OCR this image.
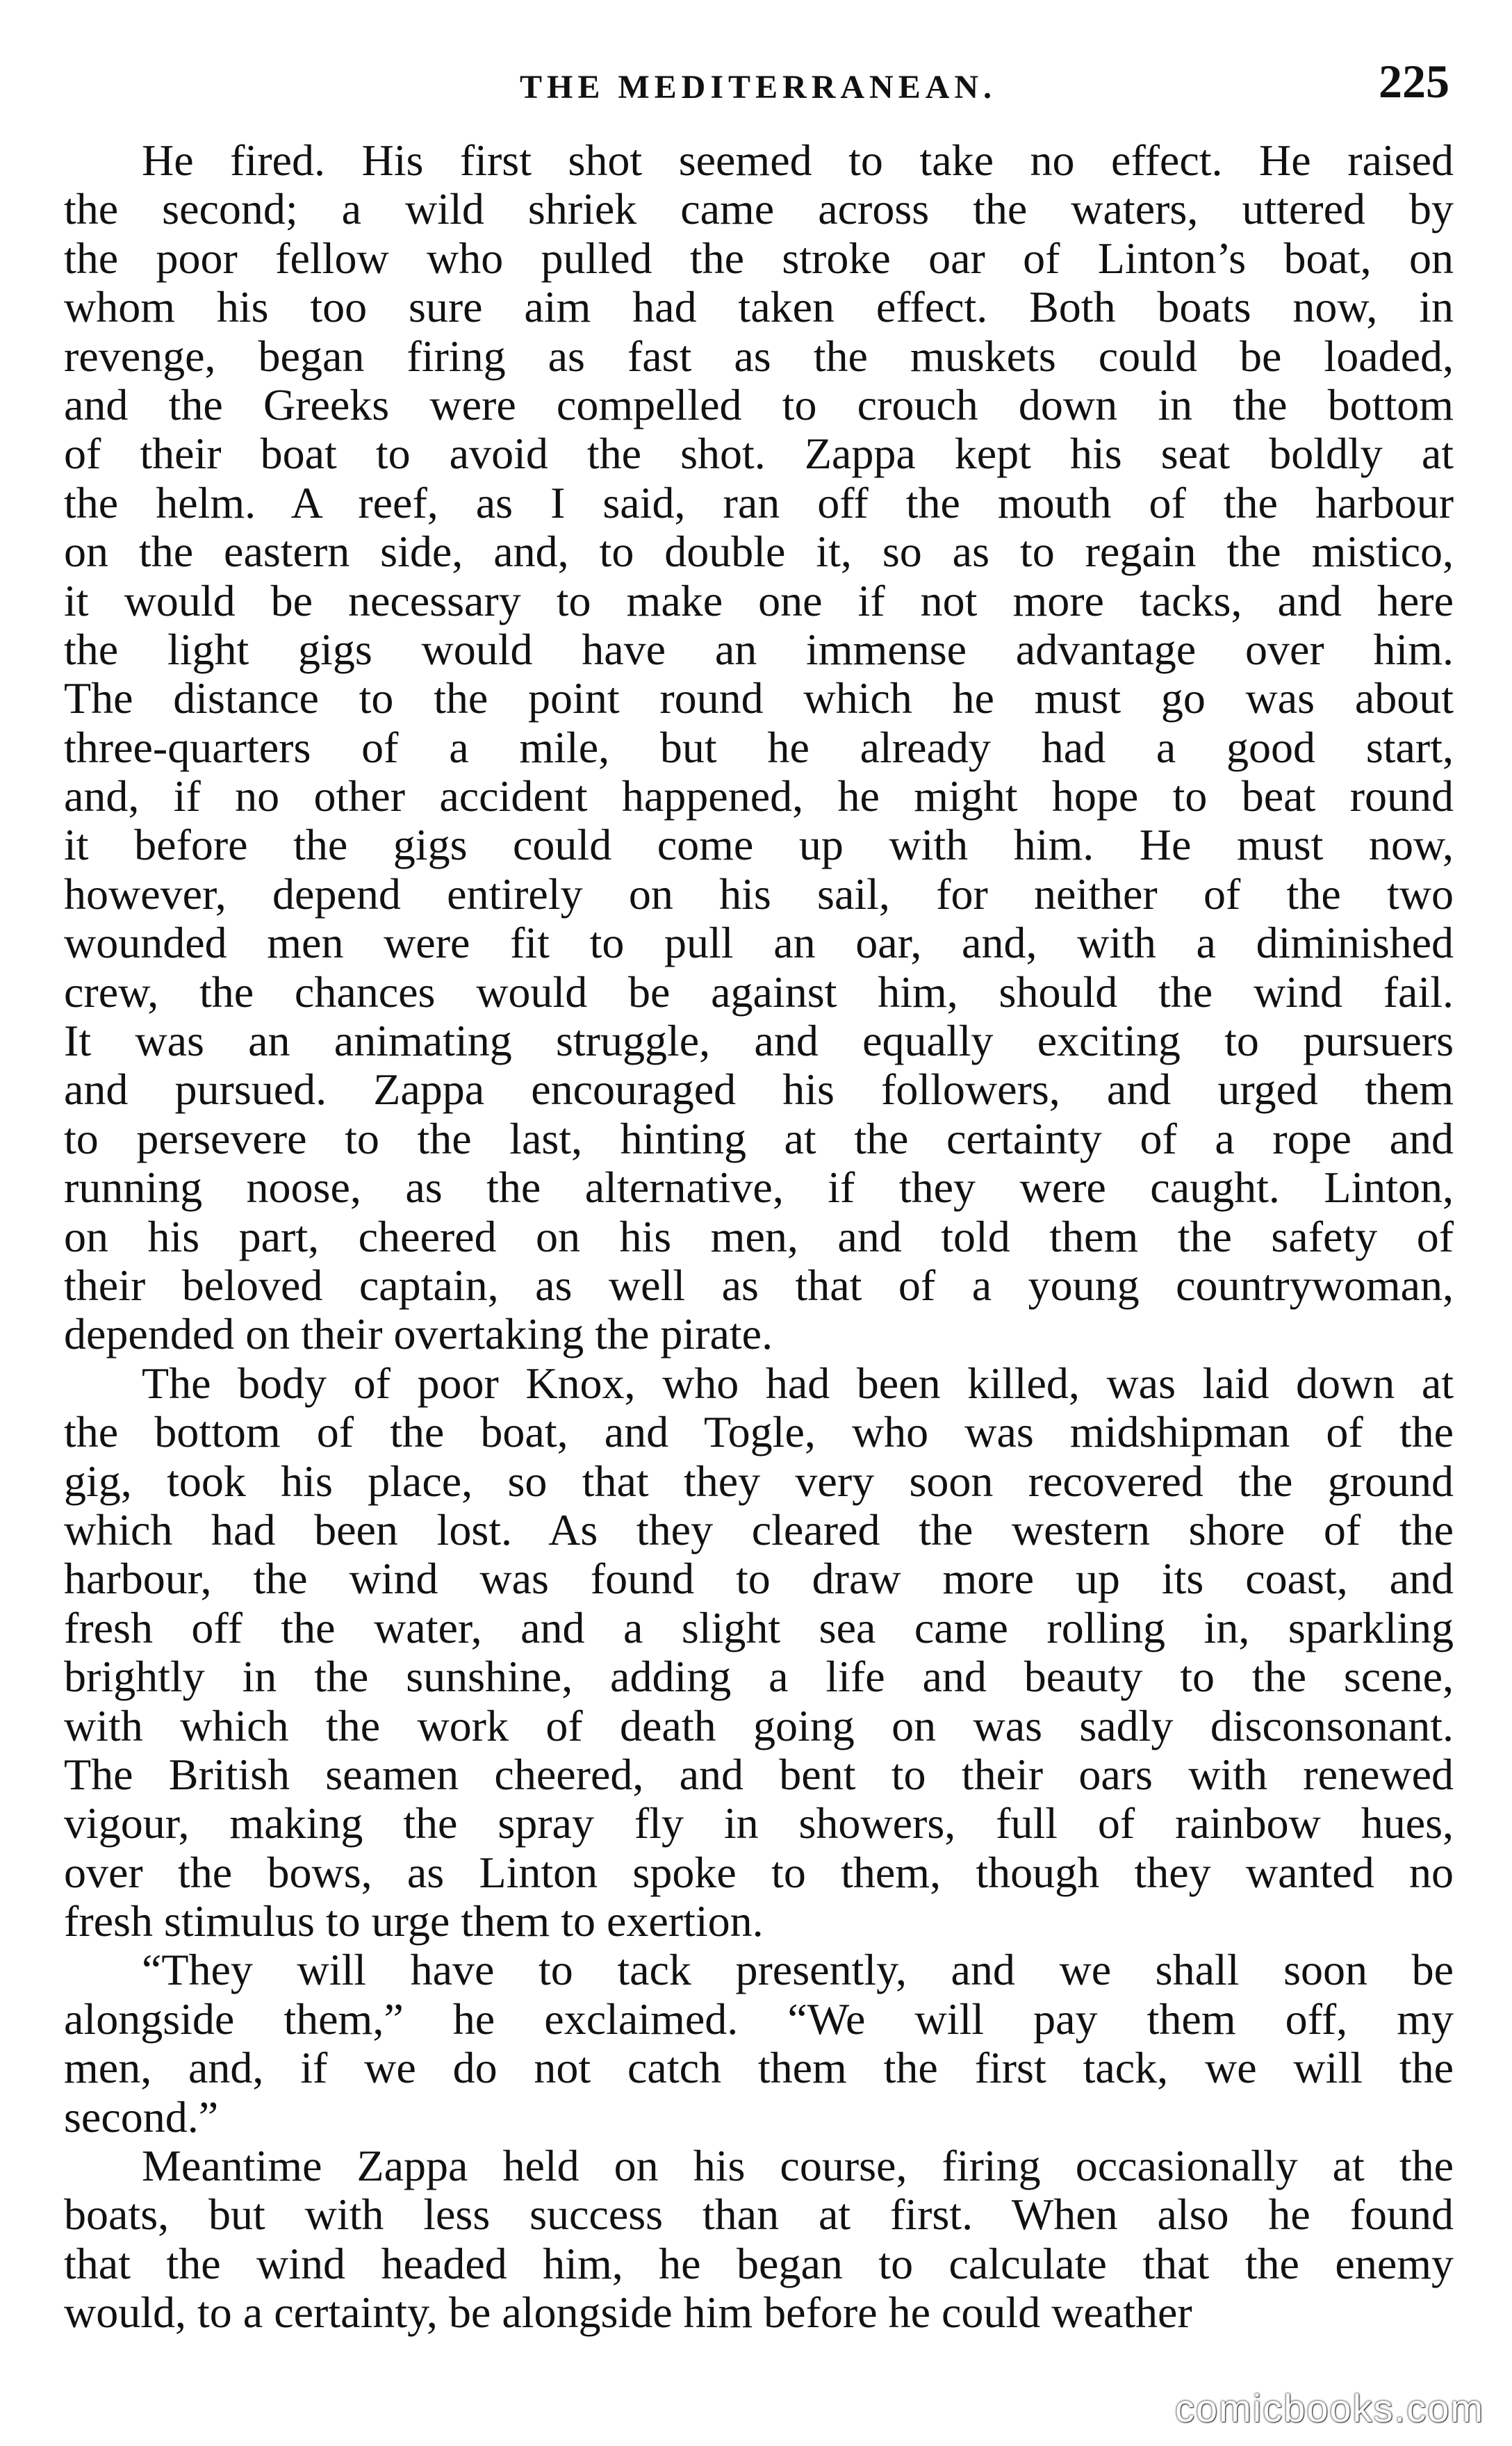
THE MEDITERRANEAN.	225
He fired. His first shot seemed to take no effect. He raised
the second; a wild shriek came across the waters, uttered by
the poor fellow who pulled the stroke oar of Linton’s boat, on
whom his too sure aim had taken effect. Both boats now, in
revenge, began firing as fast as the muskets could be loaded,
and the Greeks were compelled to crouch down in the bottom
of their boat to avoid the shot. Zappa kept his seat boldly at
the helm. A reef, as I said, ran off the mouth of the harbour
on the eastern side, and, to double it, so as to regain the mistico,
it would be necessary to make one if not more tacks, and here
the light gigs would have an immense advantage over him.
The distance to the point round which he must go was about
three-quarters of a mile, but he already had a good start,
and, if no other accident happened, he might hope to beat round
it before the gigs could come up with him. He must now,
however, depend entirely on his sail, for neither of the two
wounded men were fit to pull an oar, and, with a diminished
crew, the chances would be against him, should the wind fail.
It was an animating struggle, and equally exciting to pursuers
and pursued. Zappa encouraged his followers, and urged them
to persevere to the last, hinting at the certainty of a rope and
running noose, as the alternative, if they were caught. Linton,
on his part, cheered on his men, and told them the safety of
their beloved captain, as well as that of a young countrywoman,
depended on their overtaking the pirate.
The body of poor Knox, who had been killed, was laid down at
the bottom of the boat, and Togle, who was midshipman of the
gig, took his place, so that they very soon recovered the ground
which had been lost. As they cleared the western shore of the
harbour, the wind was found to draw more up its coast, and
fresh off the water, and a slight sea came rolling in, sparkling
brightly in the sunshine, adding a life and beauty to the scene,
with which the work of death going on was sadly disconsonant.
The British seamen cheered, and bent to their oars with renewed
vigour, making the spray fly in showers, full of rainbow hues,
over the bows, as Linton spoke to them, though they wanted no
fresh stimulus to urge them to exertion.
“They will have to tack presently, and we shall soon be
alongside them,” he exclaimed. “We will pay them off, my
men, and, if we do not catch them the first tack, we will the
second.”
Meantime Zappa held on his course, firing occasionally at the
boats, but with less success than at first. When also he found
that the wind headed him, he began to calculate that the enemy
would, to a certainty, be alongside him before he could weather
comicbooks.com
